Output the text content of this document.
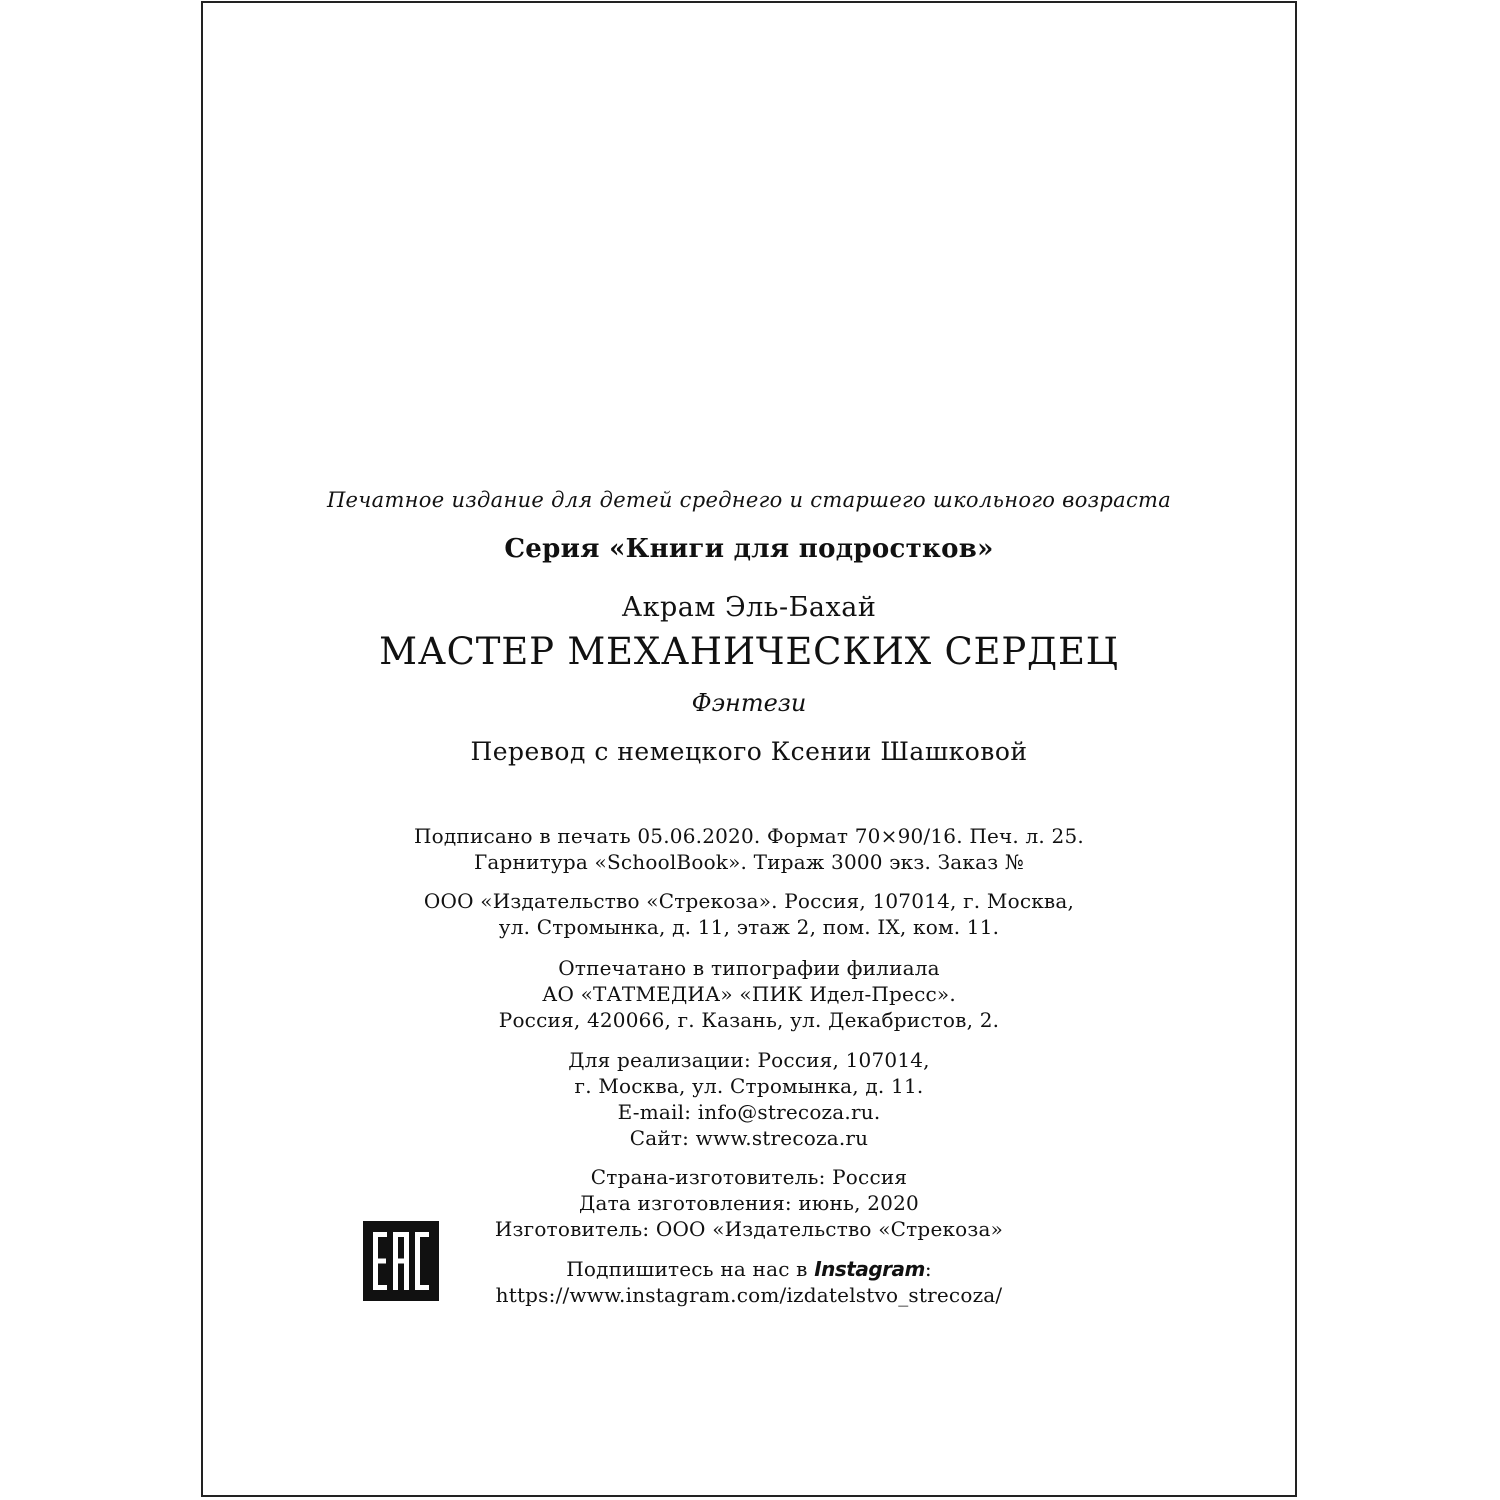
Печатное издание для детей среднего и старшего школьного возраста
Серия «Книги для подростков»
Акрам Эль-Бахай
МАСТЕР МЕХАНИЧЕСКИХ СЕРДЕЦ
Фэнтези
Перевод с немецкого Ксении Шашковой
Подписано в печать 05.06.2020. Формат 70×90/16. Печ. л. 25.
Гарнитура «SchoolBook». Тираж 3000 экз. Заказ №
ООО «Издательство «Стрекоза». Россия, 107014, г. Москва,
ул. Стромынка, д. 11, этаж 2, пом. IX, ком. 11.
Отпечатано в типографии филиала
АО «ТАТМЕДИА» «ПИК Идел-Пресс».
Россия, 420066, г. Казань, ул. Декабристов, 2.
Для реализации: Россия, 107014,
г. Москва, ул. Стромынка, д. 11.
E-mail: info@strecoza.ru.
Сайт: www.strecoza.ru
Страна-изготовитель: Россия
Дата изготовления: июнь, 2020
Изготовитель: ООО «Издательство «Стрекоза»
Подпишитесь на нас в Instagram:
https://www.instagram.com/izdatelstvo_strecoza/
